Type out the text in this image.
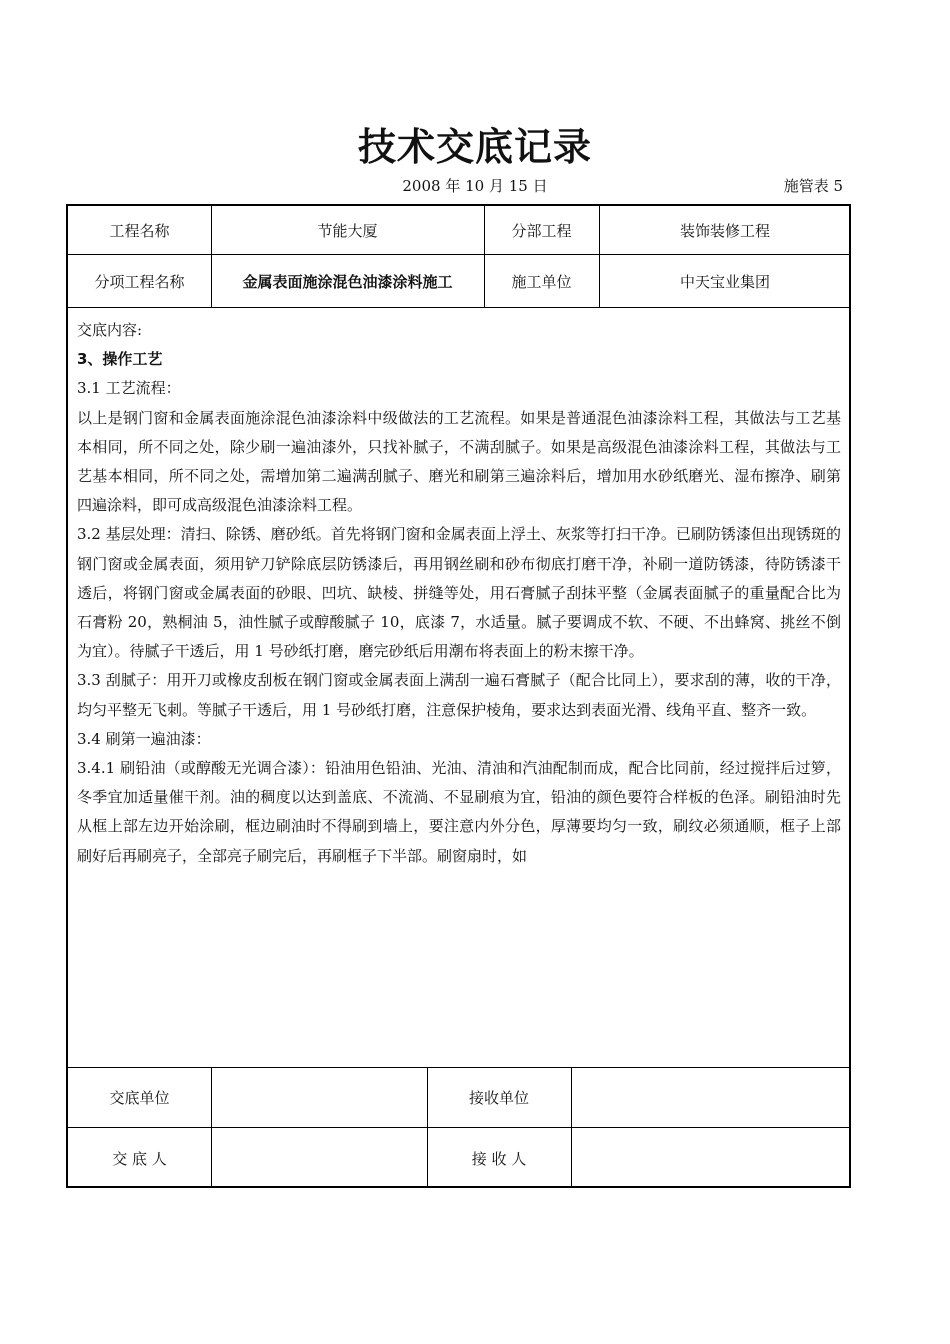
技术交底记录
2008 年 10 月 15 日	施管表 5
工程名称	节能大厦	分部工程	装饰装修工程
分项工程名称	金属表面施涂混色油漆涂料施工	施工单位	中天宝业集团

交底内容:

3、操作工艺

3.1 工艺流程：

以上是钢门窗和金属表面施涂混色油漆涂料中级做法的工艺流程。如果是普通混色油漆涂料工程，其做法与工艺基本相同，所不同之处，除少刷一遍油漆外，只找补腻子，不满刮腻子。如果是高级混色油漆涂料工程，其做法与工艺基本相同，所不同之处，需增加第二遍满刮腻子、磨光和刷第三遍涂料后，增加用水砂纸磨光、湿布擦净、刷第四遍涂料，即可成高级混色油漆涂料工程。

3.2 基层处理：清扫、除锈、磨砂纸。首先将钢门窗和金属表面上浮土、灰浆等打扫干净。已刷防锈漆但出现锈斑的钢门窗或金属表面，须用铲刀铲除底层防锈漆后，再用钢丝刷和砂布彻底打磨干净，补刷一道防锈漆，待防锈漆干透后，将钢门窗或金属表面的砂眼、凹坑、缺棱、拼缝等处，用石膏腻子刮抹平整（金属表面腻子的重量配合比为石膏粉 20，熟桐油 5，油性腻子或醇酸腻子 10，底漆 7，水适量。腻子要调成不软、不硬、不出蜂窝、挑丝不倒为宜）。待腻子干透后，用 1 号砂纸打磨，磨完砂纸后用潮布将表面上的粉末擦干净。

3.3 刮腻子：用开刀或橡皮刮板在钢门窗或金属表面上满刮一遍石膏腻子（配合比同上），要求刮的薄，收的干净，均匀平整无飞刺。等腻子干透后，用 1 号砂纸打磨，注意保护棱角，要求达到表面光滑、线角平直、整齐一致。

3.4 刷第一遍油漆：

3.4.1 刷铅油（或醇酸无光调合漆）：铅油用色铅油、光油、清油和汽油配制而成，配合比同前，经过搅拌后过箩，冬季宜加适量催干剂。油的稠度以达到盖底、不流淌、不显刷痕为宜，铅油的颜色要符合样板的色泽。刷铅油时先从框上部左边开始涂刷，框边刷油时不得刷到墙上，要注意内外分色，厚薄要均匀一致，刷纹必须通顺，框子上部刷好后再刷亮子，全部亮子刷完后，再刷框子下半部。刷窗扇时，如

交底单位	接收单位
交 底 人	接 收 人
